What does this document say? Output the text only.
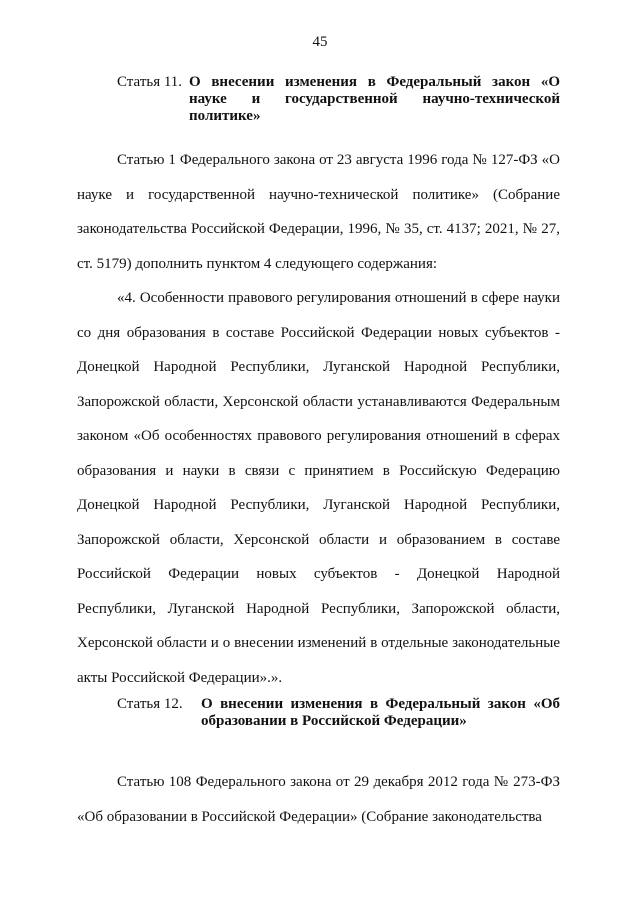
45
Статья 11. О внесении изменения в Федеральный закон «О науке и государственной научно-технической политике»

Статью 1 Федерального закона от 23 августа 1996 года № 127-ФЗ «О науке и государственной научно-технической политике» (Собрание законодательства Российской Федерации, 1996, № 35, ст. 4137; 2021, № 27, ст. 5179) дополнить пунктом 4 следующего содержания:

«4. Особенности правового регулирования отношений в сфере науки со дня образования в составе Российской Федерации новых субъектов - Донецкой Народной Республики, Луганской Народной Республики, Запорожской области, Херсонской области устанавливаются Федеральным законом «Об особенностях правового регулирования отношений в сферах образования и науки в связи с принятием в Российскую Федерацию Донецкой Народной Республики, Луганской Народной Республики, Запорожской области, Херсонской области и образованием в составе Российской Федерации новых субъектов - Донецкой Народной Республики, Луганской Народной Республики, Запорожской области, Херсонской области и о внесении изменений в отдельные законодательные акты Российской Федерации».».

Статья 12.	О внесении изменения в Федеральный закон «Об образовании в Российской Федерации»

Статью 108 Федерального закона от 29 декабря 2012 года № 273-ФЗ «Об образовании в Российской Федерации» (Собрание законодательства
